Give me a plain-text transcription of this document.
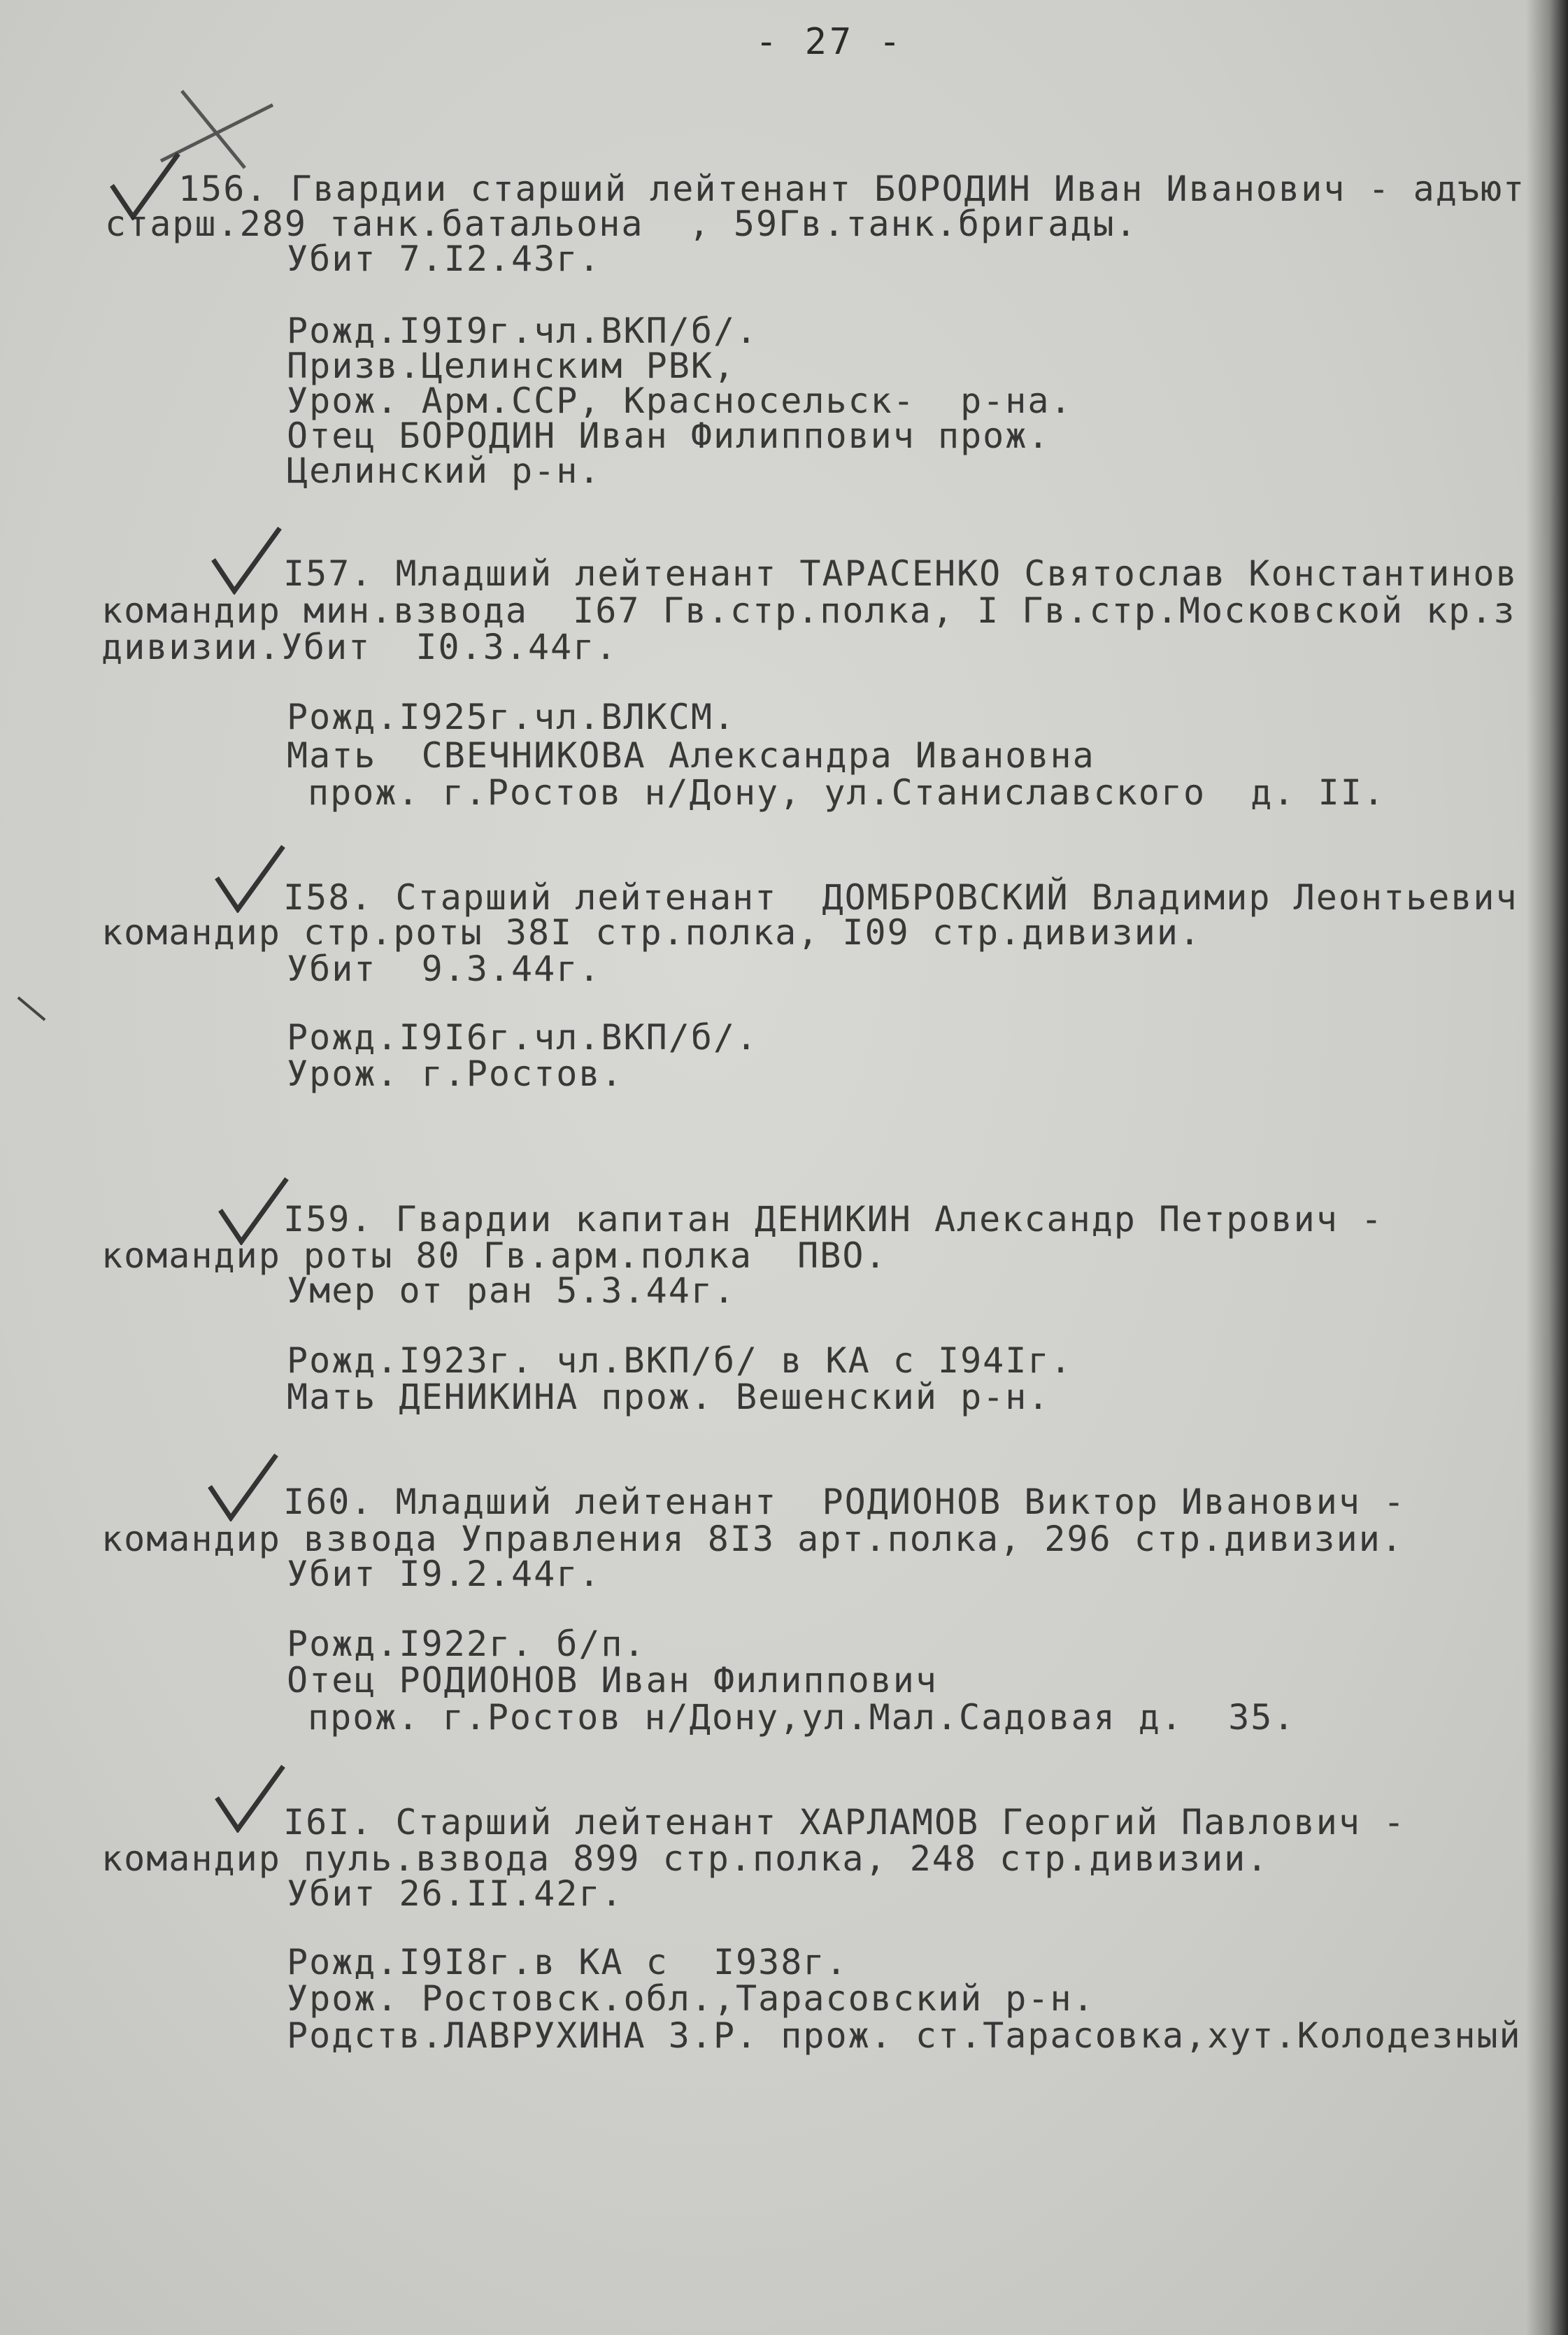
- 27 -
156. Гвардии старший лейтенант БОРОДИН Иван Иванович - адъют
старш.289 танк.батальона  , 59Гв.танк.бригады.
Убит 7.I2.43г.
Рожд.I9I9г.чл.ВКП/б/.
Призв.Целинским РВК,
Урож. Арм.ССР, Красносельск-  р-на.
Отец БОРОДИН Иван Филиппович прож.
Целинский р-н.
I57. Младший лейтенант ТАРАСЕНКО Святослав Константинов
командир мин.взвода  I67 Гв.стр.полка, I Гв.стр.Московской кр.з
дивизии.Убит  I0.3.44г.
Рожд.I925г.чл.ВЛКСМ.
Мать  СВЕЧНИКОВА Александра Ивановна
прож. г.Ростов н/Дону, ул.Станиславского  д. II.
I58. Старший лейтенант  ДОМБРОВСКИЙ Владимир Леонтьевич
командир стр.роты 38I стр.полка, I09 стр.дивизии.
Убит  9.3.44г.
Рожд.I9I6г.чл.ВКП/б/.
Урож. г.Ростов.
I59. Гвардии капитан ДЕНИКИН Александр Петрович -
командир роты 80 Гв.арм.полка  ПВО.
Умер от ран 5.3.44г.
Рожд.I923г. чл.ВКП/б/ в КА с I94Iг.
Мать ДЕНИКИНА прож. Вешенский р-н.
I60. Младший лейтенант  РОДИОНОВ Виктор Иванович -
командир взвода Управления 8I3 арт.полка, 296 стр.дивизии.
Убит I9.2.44г.
Рожд.I922г. б/п.
Отец РОДИОНОВ Иван Филиппович
прож. г.Ростов н/Дону,ул.Мал.Садовая д.  35.
I6I. Старший лейтенант ХАРЛАМОВ Георгий Павлович -
командир пуль.взвода 899 стр.полка, 248 стр.дивизии.
Убит 26.II.42г.
Рожд.I9I8г.в КА с  I938г.
Урож. Ростовск.обл.,Тарасовский р-н.
Родств.ЛАВРУХИНА З.Р. прож. ст.Тарасовка,хут.Колодезный
